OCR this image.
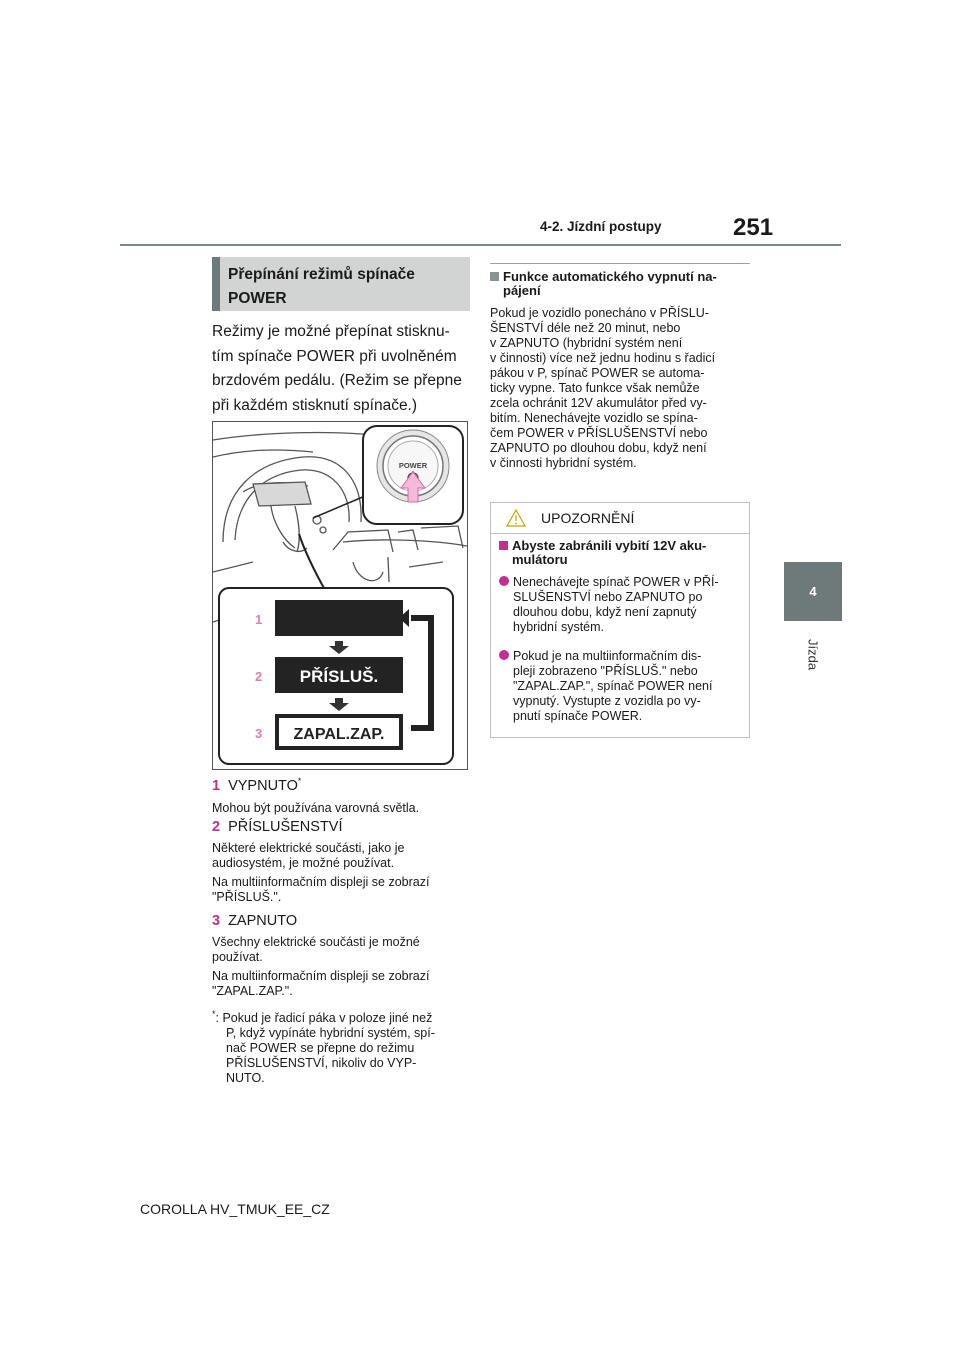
4-2. Jízdní postupy	251
4
Jízda
Přepínání režimů spínače
POWER
Režimy je možné přepínat stisknu-
tím spínače POWER při uvolněném
brzdovém pedálu. (Režim se přepne
při každém stisknutí spínače.)
POWER
1
2
3
PŘÍSLUŠ.
ZAPAL.ZAP.
1 VYPNUTO*
Mohou být používána varovná světla.
2 PŘÍSLUŠENSTVÍ
Některé elektrické součásti, jako je
audiosystém, je možné používat.
Na multiinformačním displeji se zobrazí
"PŘÍSLUŠ.".
3 ZAPNUTO
Všechny elektrické součásti je možné
používat.
Na multiinformačním displeji se zobrazí
"ZAPAL.ZAP.".
*: Pokud je řadicí páka v poloze jiné než
P, když vypínáte hybridní systém, spí-
nač POWER se přepne do režimu
PŘÍSLUŠENSTVÍ, nikoliv do VYP-
NUTO.
Funkce automatického vypnutí na-
pájení
Pokud je vozidlo ponecháno v PŘÍSLU-
ŠENSTVÍ déle než 20 minut, nebo
v ZAPNUTO (hybridní systém není
v činnosti) více než jednu hodinu s řadicí
pákou v P, spínač POWER se automa-
ticky vypne. Tato funkce však nemůže
zcela ochránit 12V akumulátor před vy-
bitím. Nenechávejte vozidlo se spína-
čem POWER v PŘÍSLUŠENSTVÍ nebo
ZAPNUTO po dlouhou dobu, když není
v činnosti hybridní systém.
UPOZORNĚNÍ
Abyste zabránili vybití 12V aku-
mulátoru
Nenechávejte spínač POWER v PŘÍ-
SLUŠENSTVÍ nebo ZAPNUTO po
dlouhou dobu, když není zapnutý
hybridní systém.
Pokud je na multiinformačním dis-
pleji zobrazeno "PŘÍSLUŠ." nebo
"ZAPAL.ZAP.", spínač POWER není
vypnutý. Vystupte z vozidla po vy-
pnutí spínače POWER.
COROLLA HV_TMUK_EE_CZ
